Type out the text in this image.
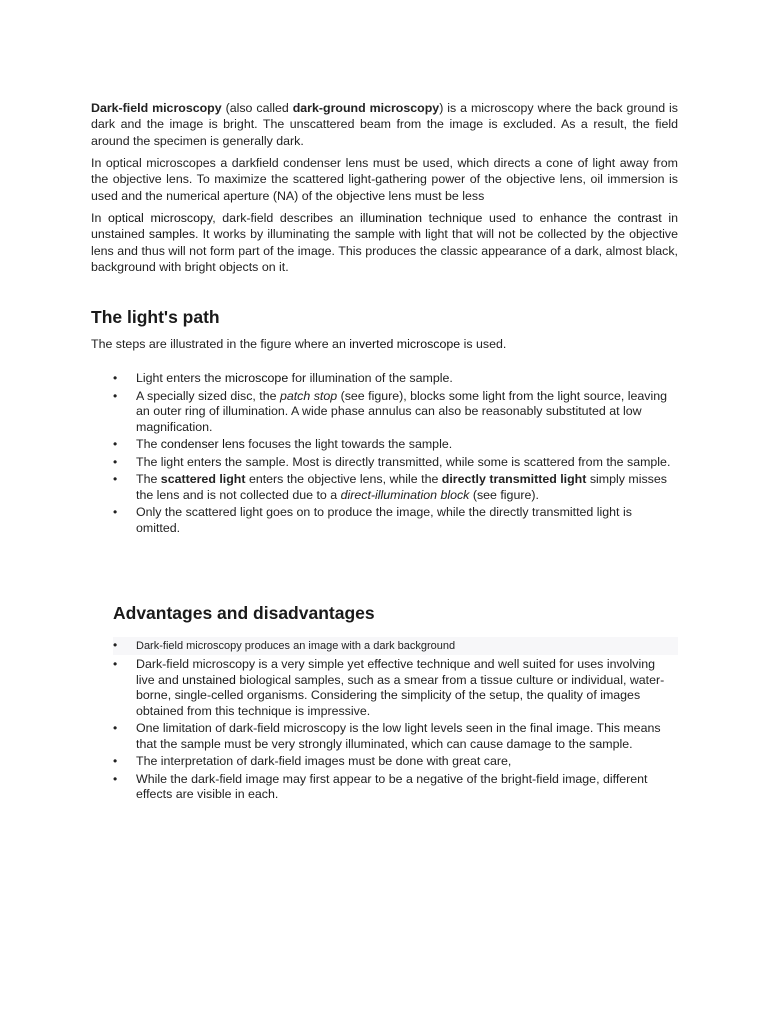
Dark-field microscopy (also called dark-ground microscopy) is a microscopy where the back ground is dark and the image is bright. The unscattered beam from the image is excluded. As a result, the field around the specimen is generally dark.

In optical microscopes a darkfield condenser lens must be used, which directs a cone of light away from the objective lens. To maximize the scattered light-gathering power of the objective lens, oil immersion is used and the numerical aperture (NA) of the objective lens must be less

In optical microscopy, dark-field describes an illumination technique used to enhance the contrast in unstained samples. It works by illuminating the sample with light that will not be collected by the objective lens and thus will not form part of the image. This produces the classic appearance of a dark, almost black, background with bright objects on it.

The light's path

The steps are illustrated in the figure where an inverted microscope is used.

• Light enters the microscope for illumination of the sample.
• A specially sized disc, the patch stop (see figure), blocks some light from the light source, leaving an outer ring of illumination. A wide phase annulus can also be reasonably substituted at low magnification.
• The condenser lens focuses the light towards the sample.
• The light enters the sample. Most is directly transmitted, while some is scattered from the sample.
• The scattered light enters the objective lens, while the directly transmitted light simply misses the lens and is not collected due to a direct-illumination block (see figure).
• Only the scattered light goes on to produce the image, while the directly transmitted light is omitted.
Advantages and disadvantages
• Dark-field microscopy produces an image with a dark background
• Dark-field microscopy is a very simple yet effective technique and well suited for uses involving live and unstained biological samples, such as a smear from a tissue culture or individual, water-borne, single-celled organisms. Considering the simplicity of the setup, the quality of images obtained from this technique is impressive.
• One limitation of dark-field microscopy is the low light levels seen in the final image. This means that the sample must be very strongly illuminated, which can cause damage to the sample.
• The interpretation of dark-field images must be done with great care,
• While the dark-field image may first appear to be a negative of the bright-field image, different effects are visible in each.
